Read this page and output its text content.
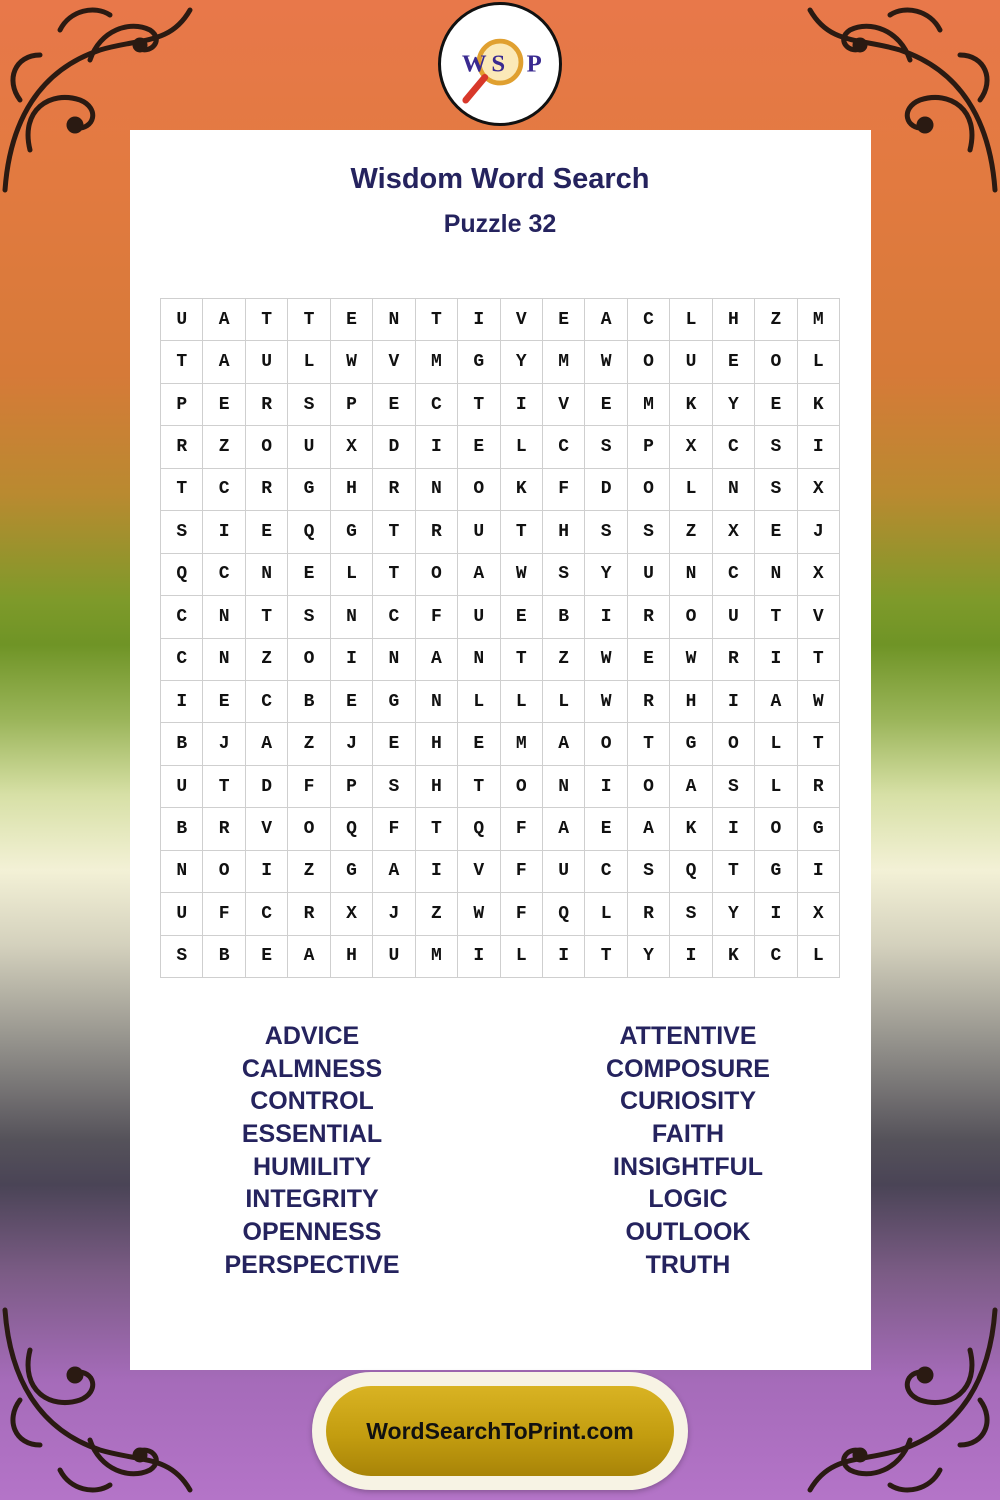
W S P
Wisdom Word Search
Puzzle 32
U	A	T	T	E	N	T	I	V	E	A	C	L	H	Z	M
T	A	U	L	W	V	M	G	Y	M	W	O	U	E	O	L
P	E	R	S	P	E	C	T	I	V	E	M	K	Y	E	K
R	Z	O	U	X	D	I	E	L	C	S	P	X	C	S	I
T	C	R	G	H	R	N	O	K	F	D	O	L	N	S	X
S	I	E	Q	G	T	R	U	T	H	S	S	Z	X	E	J
Q	C	N	E	L	T	O	A	W	S	Y	U	N	C	N	X
C	N	T	S	N	C	F	U	E	B	I	R	O	U	T	V
C	N	Z	O	I	N	A	N	T	Z	W	E	W	R	I	T
I	E	C	B	E	G	N	L	L	L	W	R	H	I	A	W
B	J	A	Z	J	E	H	E	M	A	O	T	G	O	L	T
U	T	D	F	P	S	H	T	O	N	I	O	A	S	L	R
B	R	V	O	Q	F	T	Q	F	A	E	A	K	I	O	G
N	O	I	Z	G	A	I	V	F	U	C	S	Q	T	G	I
U	F	C	R	X	J	Z	W	F	Q	L	R	S	Y	I	X
S	B	E	A	H	U	M	I	L	I	T	Y	I	K	C	L
ADVICE
CALMNESS
CONTROL
ESSENTIAL
HUMILITY
INTEGRITY
OPENNESS
PERSPECTIVE
ATTENTIVE
COMPOSURE
CURIOSITY
FAITH
INSIGHTFUL
LOGIC
OUTLOOK
TRUTH
WordSearchToPrint.com
